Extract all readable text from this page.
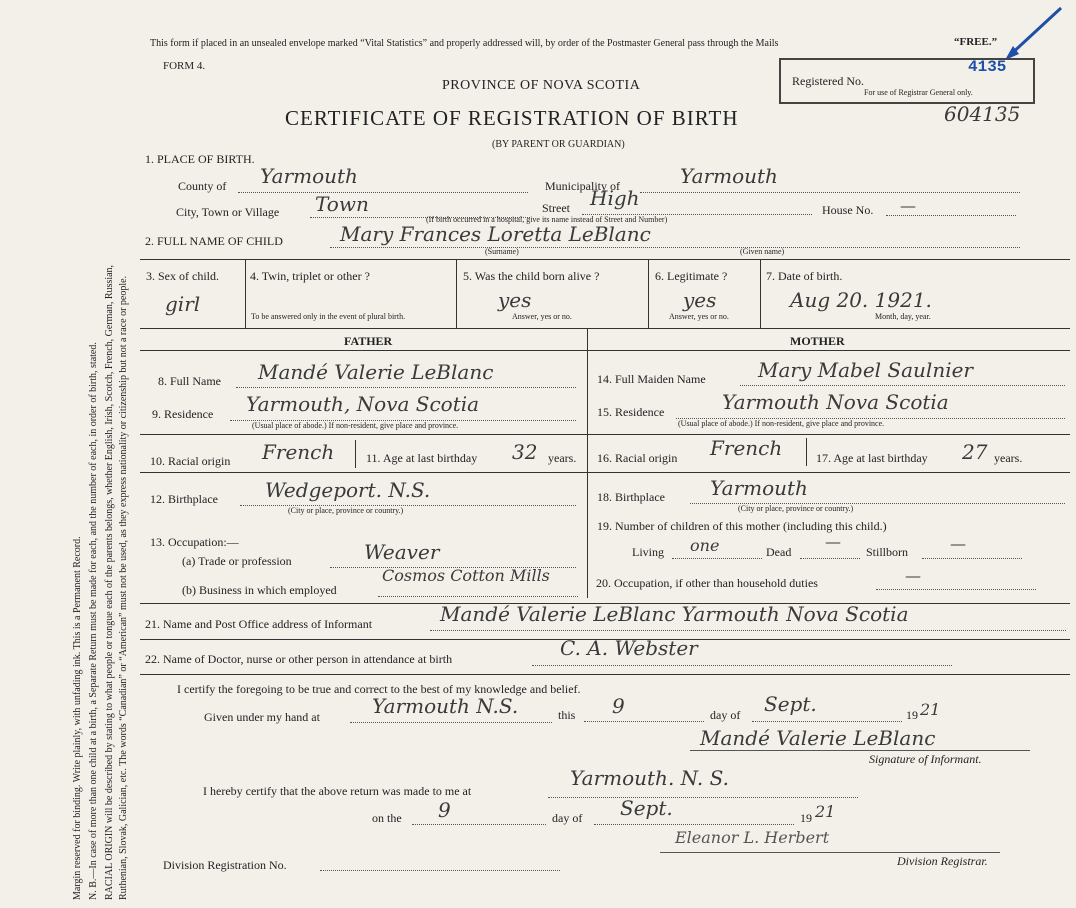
Margin reserved for binding. Write plainly, with unfading ink. This is a Permanent Record. N. B.—In case of more than one child at a birth, a Separate Return must be made for each, and the number of each, in order of birth, stated. RACIAL ORIGIN will be described by stating to what people or tongue each of the parents belongs, whether English, Irish, Scotch, French, German, Russian, Ruthenian, Slovak, Galician, etc. The words “Canadian” or “American” must not be used, as they express nationality or citizenship but not a race or people.
This form if placed in an unsealed envelope marked “Vital Statistics” and properly addressed will, by order of the Postmaster General pass through the Mails	“FREE.”
FORM 4.
PROVINCE OF NOVA SCOTIA	Registered No.
4135
For use of Registrar General only.
CERTIFICATE OF REGISTRATION OF BIRTH	604135
(BY PARENT OR GUARDIAN)
1. PLACE OF BIRTH.
County of Yarmouth	Municipality of	Yarmouth
City, Town or Village Town	Street High	House No. —
(If birth occurred in a hospital, give its name instead of Street and Number)
2. FULL NAME OF CHILD	Mary Frances Loretta LeBlanc
(Surname)	(Given name)
3. Sex of child.
girl
4. Twin, triplet or other ?
To be answered only in the event of plural birth.
5. Was the child born alive ?
yes
Answer, yes or no.
6. Legitimate ?
yes
Answer, yes or no.
7. Date of birth.
Aug 20. 1921.
Month, day, year.
FATHER	MOTHER
8. Full Name Mandé Valerie LeBlanc	14. Full Maiden Name	Mary Mabel Saulnier
9. Residence Yarmouth, Nova Scotia
(Usual place of abode.) If non-resident, give place and province.
15. Residence	Yarmouth Nova Scotia
(Usual place of abode.) If non-resident, give place and province.
10. Racial origin French	11. Age at last birthday 32 years. 16. Racial origin French	17. Age at last birthday 27 years.
12. Birthplace Wedgeport. N.S.
(City or place, province or country.)
18. Birthplace Yarmouth
(City or place, province or country.)
13. Occupation:—
19. Number of children of this mother (including this child.)
(a) Trade or profession	Weaver	Living one	Dead
—
Stillborn	—
(b) Business in which employed
Cosmos Cotton Mills	20. Occupation, if other than household duties	—
21. Name and Post Office address of Informant	Mandé Valerie LeBlanc Yarmouth Nova Scotia
22. Name of Doctor, nurse or other person in attendance at birth	C. A. Webster
I certify the foregoing to be true and correct to the best of my knowledge and belief.
Given under my hand at	Yarmouth N.S.	this 9	day of Sept.	19 21
Mandé Valerie LeBlanc
Signature of Informant.
I hereby certify that the above return was made to me at
Yarmouth. N. S.
on the 9	day of Sept.	19 21
Eleanor L. Herbert
Division Registration No.	Division Registrar.
